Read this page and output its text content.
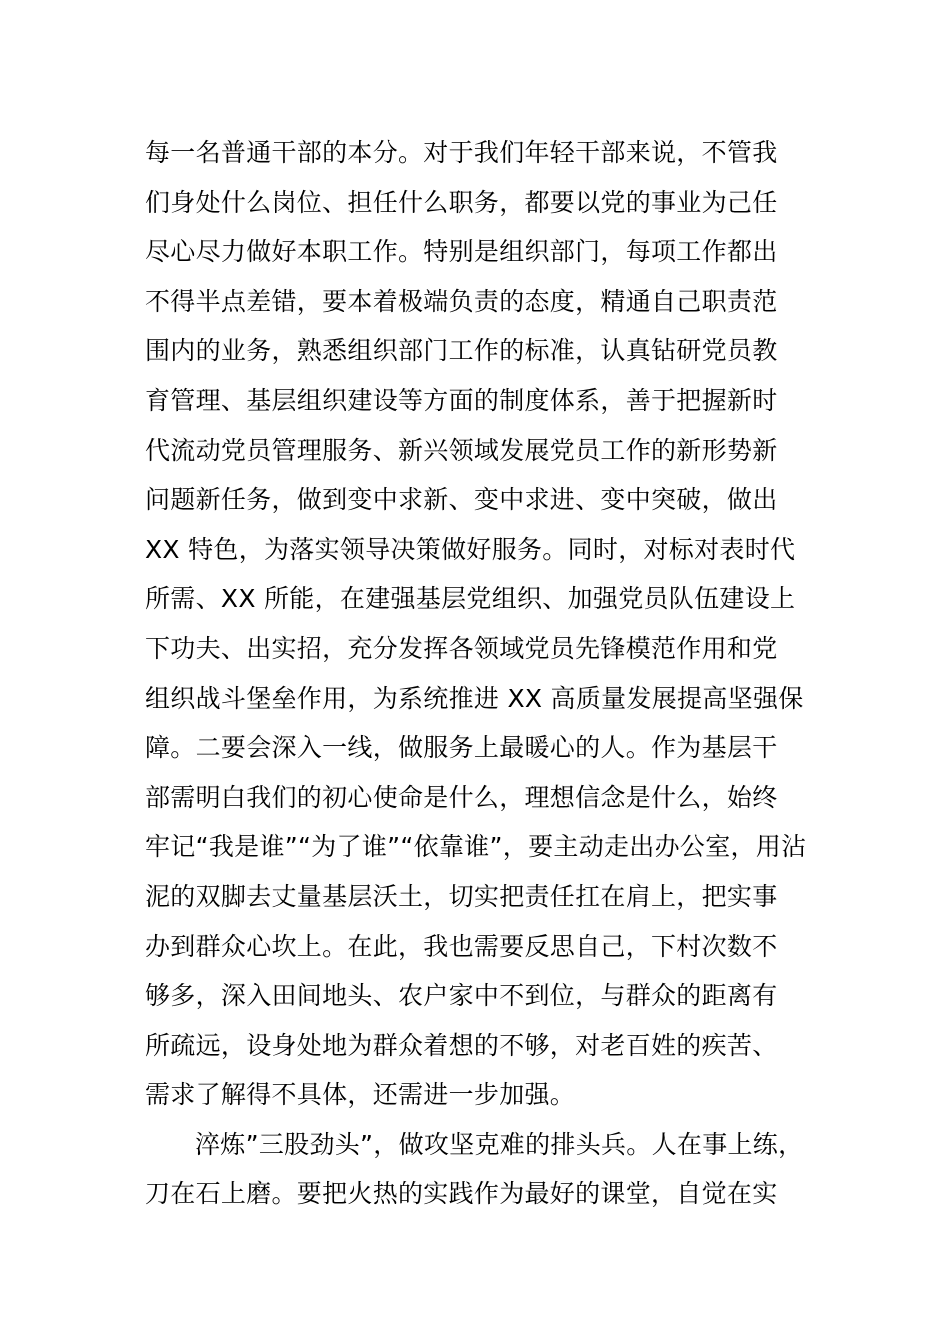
每一名普通干部的本分。对于我们年轻干部来说，不管我
们身处什么岗位、担任什么职务，都要以党的事业为己任
尽心尽力做好本职工作。特别是组织部门，每项工作都出
不得半点差错，要本着极端负责的态度，精通自己职责范
围内的业务，熟悉组织部门工作的标准，认真钻研党员教
育管理、基层组织建设等方面的制度体系，善于把握新时
代流动党员管理服务、新兴领域发展党员工作的新形势新
问题新任务，做到变中求新、变中求进、变中突破，做出
XX 特色，为落实领导决策做好服务。同时，对标对表时代
所需、XX 所能，在建强基层党组织、加强党员队伍建设上
下功夫、出实招，充分发挥各领域党员先锋模范作用和党
组织战斗堡垒作用，为系统推进 XX 高质量发展提高坚强保
障。二要会深入一线，做服务上最暖心的人。作为基层干
部需明白我们的初心使命是什么，理想信念是什么，始终
牢记“我是谁”“为了谁”“依靠谁”，要主动走出办公室，用沾
泥的双脚去丈量基层沃土，切实把责任扛在肩上，把实事
办到群众心坎上。在此，我也需要反思自己，下村次数不
够多，深入田间地头、农户家中不到位，与群众的距离有
所疏远，设身处地为群众着想的不够，对老百姓的疾苦、
需求了解得不具体，还需进一步加强。
淬炼”三股劲头”，做攻坚克难的排头兵。人在事上练，
刀在石上磨。要把火热的实践作为最好的课堂，自觉在实
